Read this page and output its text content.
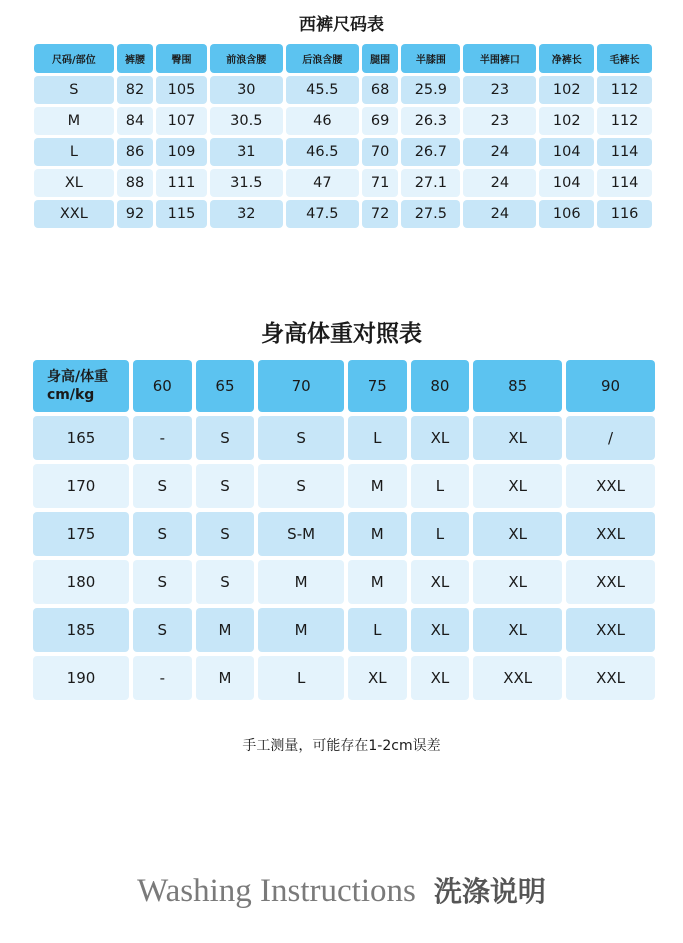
西裤尺码表
尺码/部位	裤腰	臀围	前浪含腰	后浪含腰	腿围	半膝围	半围裤口	净裤长	毛裤长
S	82	105	30	45.5	68	25.9	23	102	112
M	84	107	30.5	46	69	26.3	23	102	112
L	86	109	31	46.5	70	26.7	24	104	114
XL	88	111	31.5	47	71	27.1	24	104	114
XXL	92	115	32	47.5	72	27.5	24	106	116
身高体重对照表
身高/体重
cm/kg	60	65	70	75	80	85	90
165	-	S	S	L	XL	XL	/
170	S	S	S	M	L	XL	XXL
175	S	S	S-M	M	L	XL	XXL
180	S	S	M	M	XL	XL	XXL
185	S	M	M	L	XL	XL	XXL
190	-	M	L	XL	XL	XXL	XXL
手工测量，可能存在1-2cm误差
Washing Instructions 洗涤说明
